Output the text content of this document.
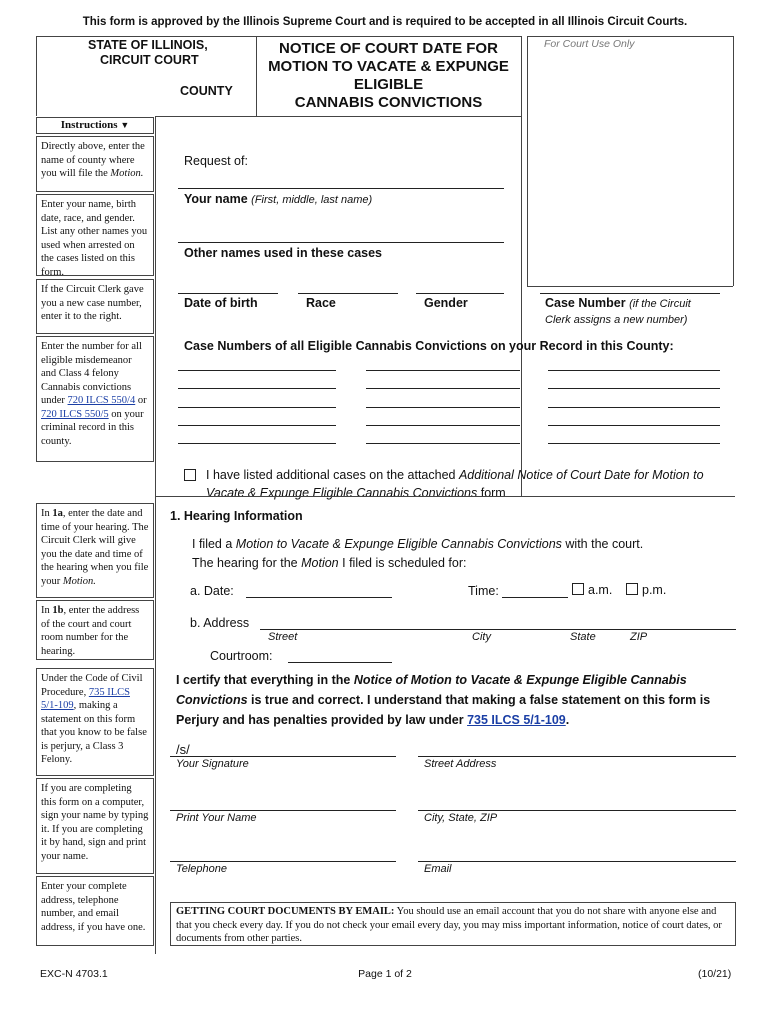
This form is approved by the Illinois Supreme Court and is required to be accepted in all Illinois Circuit Courts.
STATE OF ILLINOIS,
CIRCUIT COURT
COUNTY
NOTICE OF COURT DATE FOR
MOTION TO VACATE & EXPUNGE
ELIGIBLE
CANNABIS CONVICTIONS
For Court Use Only
Instructions ▼
Directly above, enter the name of county where you will file the Motion.
Enter your name, birth date, race, and gender. List any other names you used when arrested on the cases listed on this form.
If the Circuit Clerk gave you a new case number, enter it to the right.
Enter the number for all eligible misdemeanor and Class 4 felony Cannabis convictions under 720 ILCS 550/4 or 720 ILCS 550/5 on your criminal record in this county.
In 1a, enter the date and time of your hearing. The Circuit Clerk will give you the date and time of the hearing when you file your Motion.
In 1b, enter the address of the court and court room number for the hearing.
Under the Code of Civil Procedure, 735 ILCS 5/1-109, making a statement on this form that you know to be false is perjury, a Class 3 Felony.
If you are completing this form on a computer, sign your name by typing it. If you are completing it by hand, sign and print your name.
Enter your complete address, telephone number, and email address, if you have one.
Request of:
Your name (First, middle, last name)
Other names used in these cases
Date of birth	Race	Gender	Case Number (if the Circuit
Clerk assigns a new number)
Case Numbers of all Eligible Cannabis Convictions on your Record in this County:
I have listed additional cases on the attached Additional Notice of Court Date for Motion to Vacate & Expunge Eligible Cannabis Convictions form
1. Hearing Information
I filed a Motion to Vacate & Expunge Eligible Cannabis Convictions with the court.
The hearing for the Motion I filed is scheduled for:
a. Date:	Time:	a.m. p.m.
b. Address
Street	City	State	ZIP
Courtroom:
I certify that everything in the Notice of Motion to Vacate & Expunge Eligible Cannabis Convictions is true and correct. I understand that making a false statement on this form is Perjury and has penalties provided by law under 735 ILCS 5/1-109.
/s/
Your Signature	Street Address
Print Your Name	City, State, ZIP
Telephone	Email
GETTING COURT DOCUMENTS BY EMAIL: You should use an email account that you do not share with anyone else and that you check every day. If you do not check your email every day, you may miss important information, notice of court dates, or documents from other parties.
EXC-N 4703.1	Page 1 of 2	(10/21)
